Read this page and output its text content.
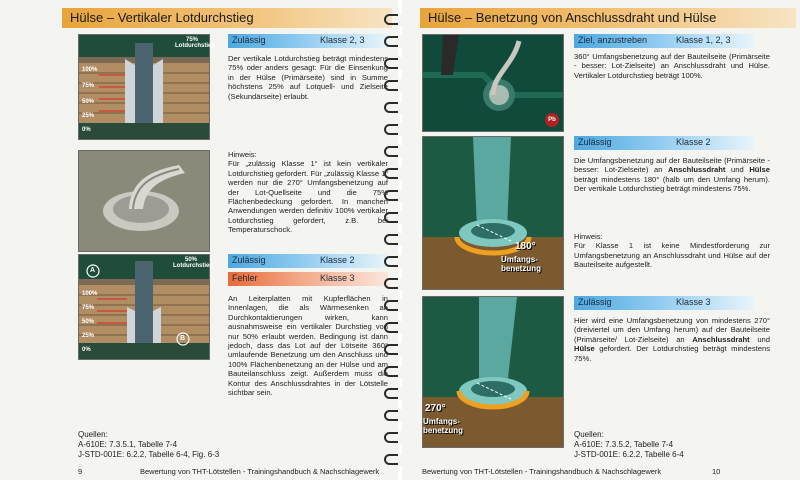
Hülse – Vertikaler Lotdurchstieg
75% Lotdurchstieg
100%
75%
50%
25%
0%
Zulässig	Klasse 2, 3

Der vertikale Lotdurchstieg beträgt mindestens 75% oder anders gesagt: Für die Einsenkung in der Hülse (Primärseite) sind in Summe höchstens 25% auf Lotquell- und Zielseite (Sekundärseite) erlaubt.

Hinweis:

Für „zulässig Klasse 1“ ist kein vertikaler Lotdurchstieg gefordert. Für „zulässig Klasse 1“ werden nur die 270° Umfangsbenetzung auf der Lot-Quellseite und die 75% Flächenbedeckung gefordert. In manchen Anwendungen werden definitiv 100% vertikaler Lotdurchstieg gefordert, z.B. bei Temperaturschock.

50% Lotdurchstieg
A
B
100%
75%
50%
25%
0%
Zulässig	Klasse 2
Fehler	Klasse 3

An Leiterplatten mit Kupferflächen in Innenlagen, die als Wärmesenken an Durchkontaktierungen wirken, kann ausnahmsweise ein vertikaler Durchstieg von nur 50% erlaubt werden. Bedingung ist dann jedoch, dass das Lot auf der Lötseite 360° umlaufende Benetzung um den Anschluss und 100% Flächenbenetzung an der Hülse und am Bauteilanschluss zeigt. Außerdem muss die Kontur des Anschlussdrahtes in der Lötstelle sichtbar sein.

Quellen:
A-610E: 7.3.5.1, Tabelle 7-4
J-STD-001E: 6.2.2, Tabelle 6-4, Fig. 6-3
9	Bewertung von THT-Lötstellen - Trainingshandbuch & Nachschlagewerk
Hülse – Benetzung von Anschlussdraht und Hülse
Pb
Ziel, anzustreben	Klasse 1, 2, 3

360° Umfangsbenetzung auf der Bauteilseite (Primärseite - besser: Lot-Zielseite) an Anschlussdraht und Hülse. Vertikaler Lotdurchstieg beträgt 100%.

180°
Umfangs-benetzung
Zulässig	Klasse 2

Die Umfangsbenetzung auf der Bauteilseite (Primärseite - besser: Lot-Zielseite) an Anschlussdraht und Hülse beträgt mindestens 180° (halb um den Umfang herum). Der vertikale Lotdurchstieg beträgt mindestens 75%.

Hinweis:

Für Klasse 1 ist keine Mindestforderung zur Umfangsbenetzung an Anschlussdraht und Hülse auf der Bauteilseite aufgestellt.

270°
Umfangs-benetzung
Zulässig	Klasse 3

Hier wird eine Umfangsbenetzung von mindestens 270° (dreiviertel um den Umfang herum) auf der Bauteilseite (Primärseite/ Lot-Zielseite) an Anschlussdraht und Hülse gefordert. Der Lotdurchstieg beträgt mindestens 75%.

Quellen:
A-610E: 7.3.5.2, Tabelle 7-4
J-STD-001E: 6.2.2, Tabelle 6-4
Bewertung von THT-Lötstellen - Trainingshandbuch & Nachschlagewerk	10
